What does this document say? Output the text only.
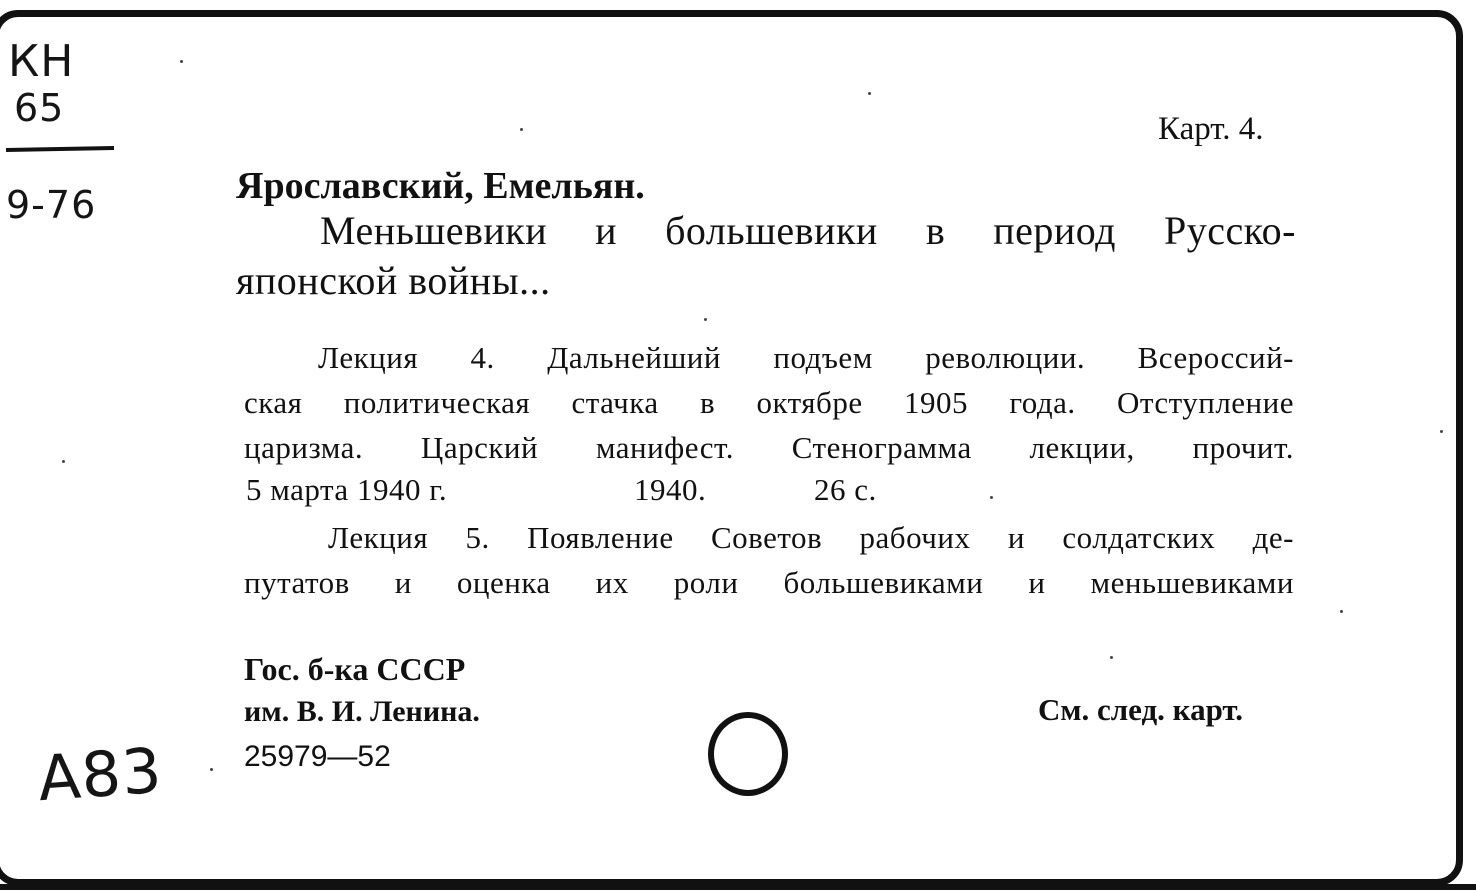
КН
65
9-76
А83
Карт. 4.
Ярославский, Емельян.
Меньшевики и большевики в период Русско-
японской войны...
Лекция 4. Дальнейший подъем революции. Всероссий-
ская политическая стачка в октябре 1905 года. Отступление
царизма. Царский манифест. Стенограмма лекции, прочит.
5 марта 1940 г.	1940.	26 с.
Лекция 5. Появление Советов рабочих и солдатских де-
путатов и оценка их роли большевиками и меньшевиками
Гос. б-ка СССР
им. В. И. Ленина.
25979—52
См. след. карт.
